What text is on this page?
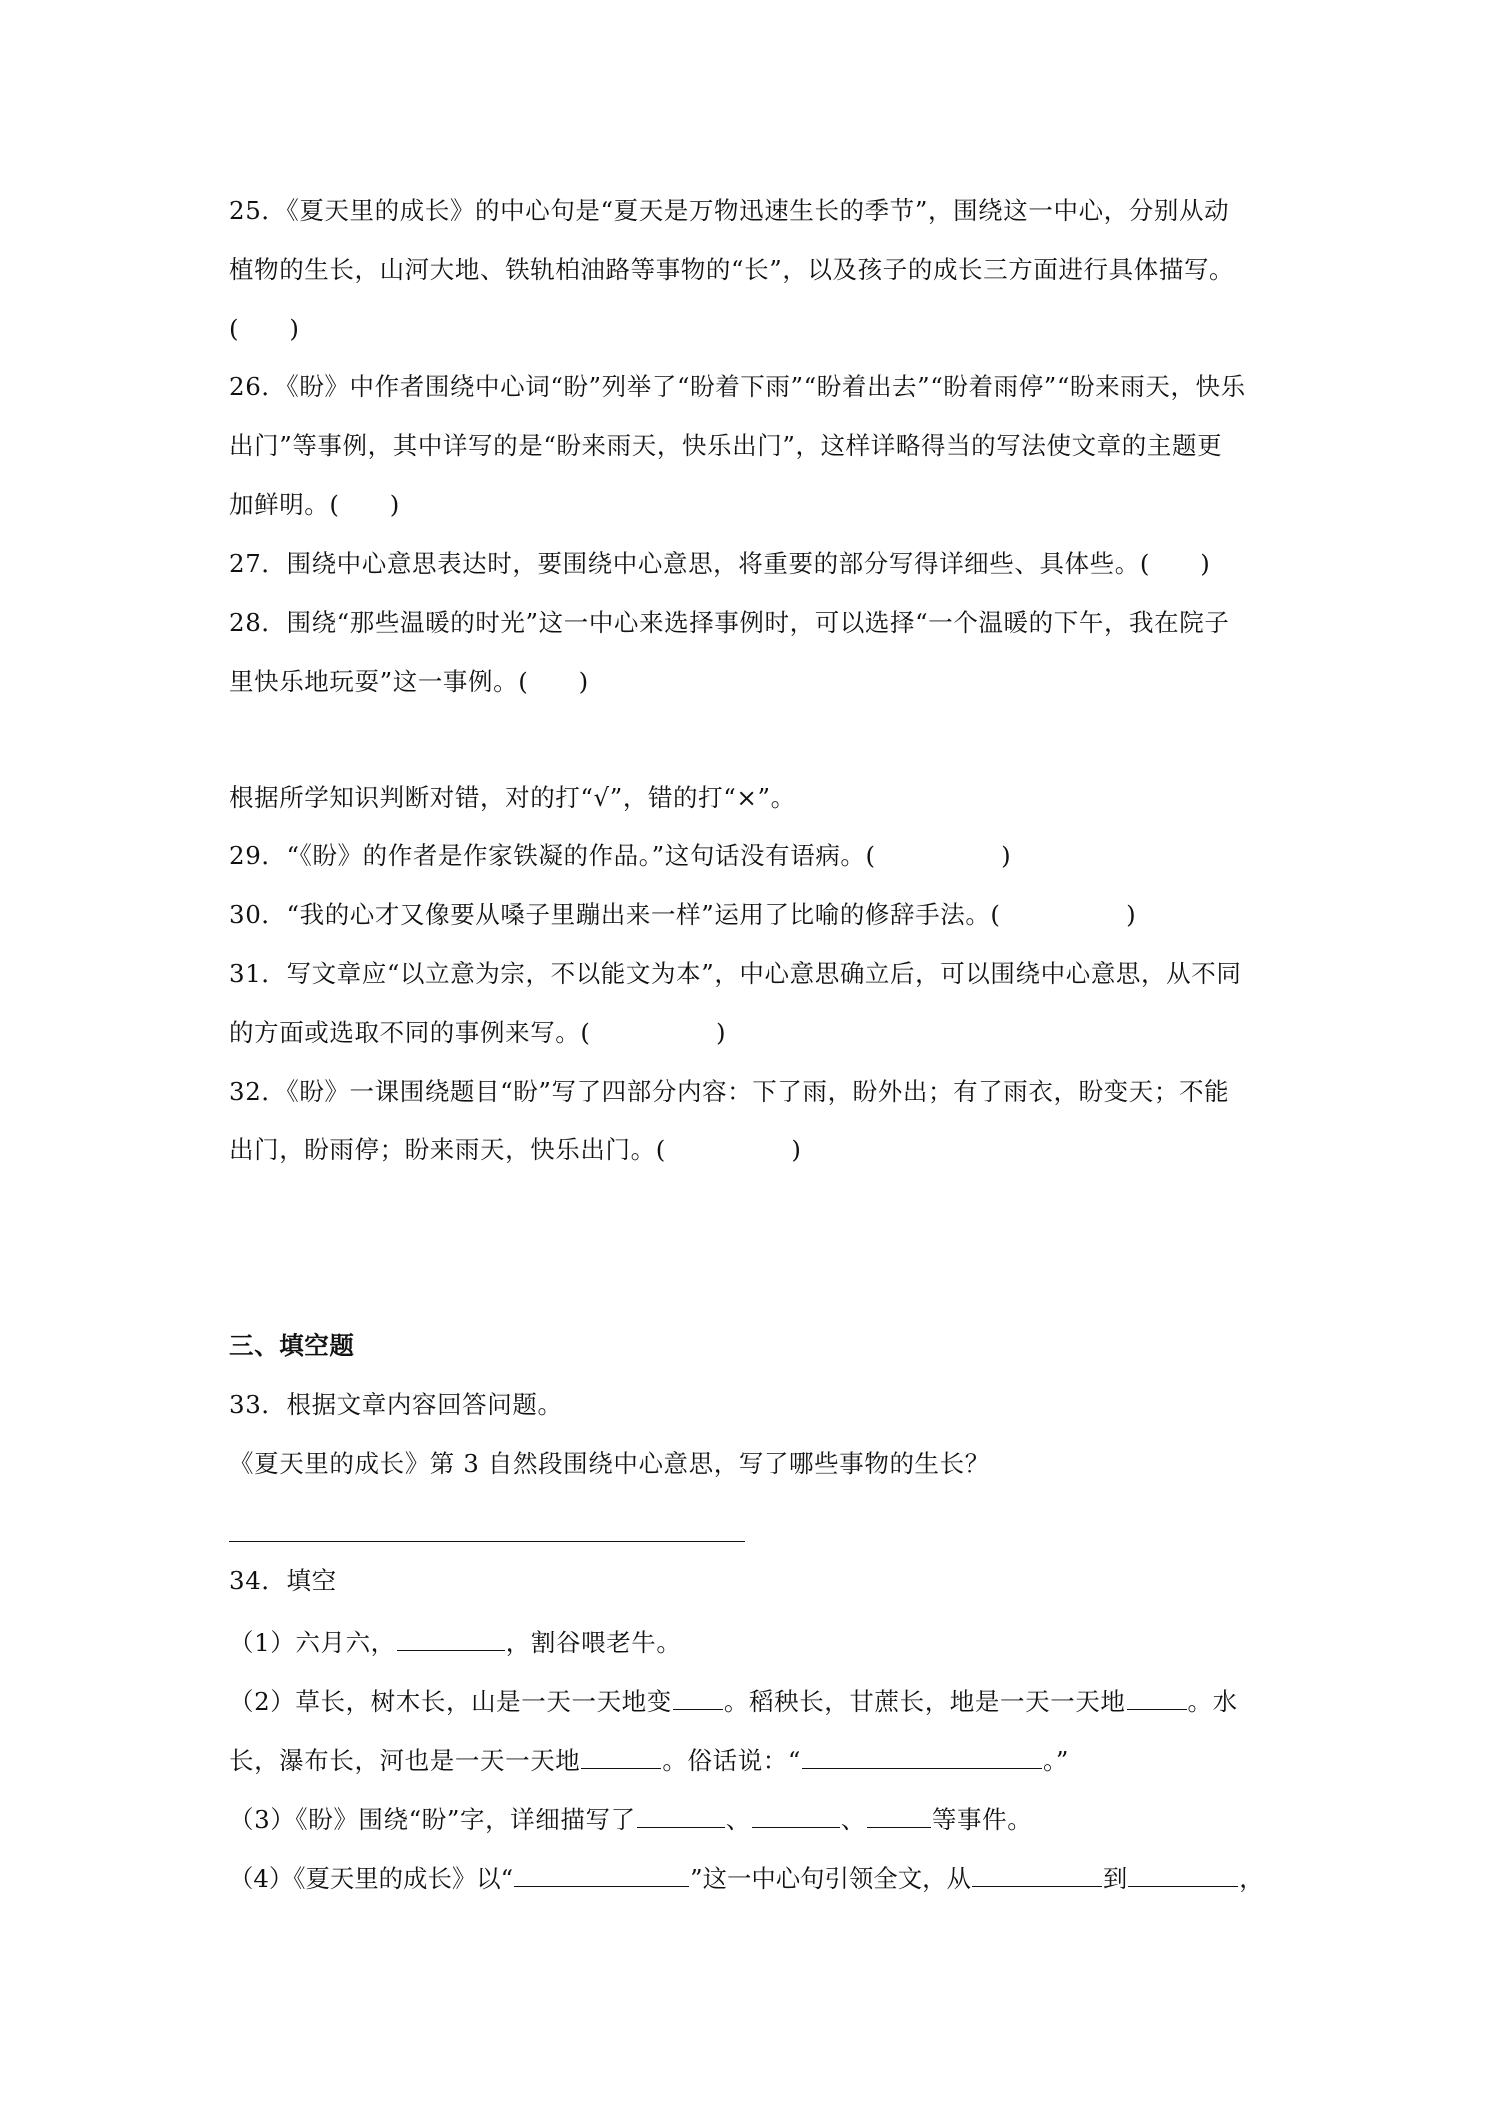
25．《夏天里的成长》的中心句是“夏天是万物迅速生长的季节”，围绕这一中心，分别从动
植物的生长，山河大地、铁轨柏油路等事物的“长”，以及孩子的成长三方面进行具体描写。
(　　)
26．《盼》中作者围绕中心词“盼”列举了“盼着下雨”“盼着出去”“盼着雨停”“盼来雨天，快乐
出门”等事例，其中详写的是“盼来雨天，快乐出门”，这样详略得当的写法使文章的主题更
加鲜明。(　　)
27．围绕中心意思表达时，要围绕中心意思，将重要的部分写得详细些、具体些。(　　)
28．围绕“那些温暖的时光”这一中心来选择事例时，可以选择“一个温暖的下午，我在院子
里快乐地玩耍”这一事例。(　　)
根据所学知识判断对错，对的打“√”，错的打“×”。
29．“《盼》的作者是作家铁凝的作品。”这句话没有语病。(　　　　　)
30．“我的心才又像要从嗓子里蹦出来一样”运用了比喻的修辞手法。(　　　　　)
31．写文章应“以立意为宗，不以能文为本”，中心意思确立后，可以围绕中心意思，从不同
的方面或选取不同的事例来写。(　　　　　)
32．《盼》一课围绕题目“盼”写了四部分内容：下了雨，盼外出；有了雨衣，盼变天；不能
出门，盼雨停；盼来雨天，快乐出门。(　　　　　)
三、填空题
33．根据文章内容回答问题。
《夏天里的成长》第 3 自然段围绕中心意思，写了哪些事物的生长？
34．填空
（1）六月六，	，割谷喂老牛。
（2）草长，树木长，山是一天一天地变 。稻秧长，甘蔗长，地是一天一天地	。水
长，瀑布长，河也是一天一天地	。俗话说：“	。”
（3）《盼》围绕“盼”字，详细描写了	、	、	等事件。
（4）《夏天里的成长》以“	”这一中心句引领全文，从	到	，
